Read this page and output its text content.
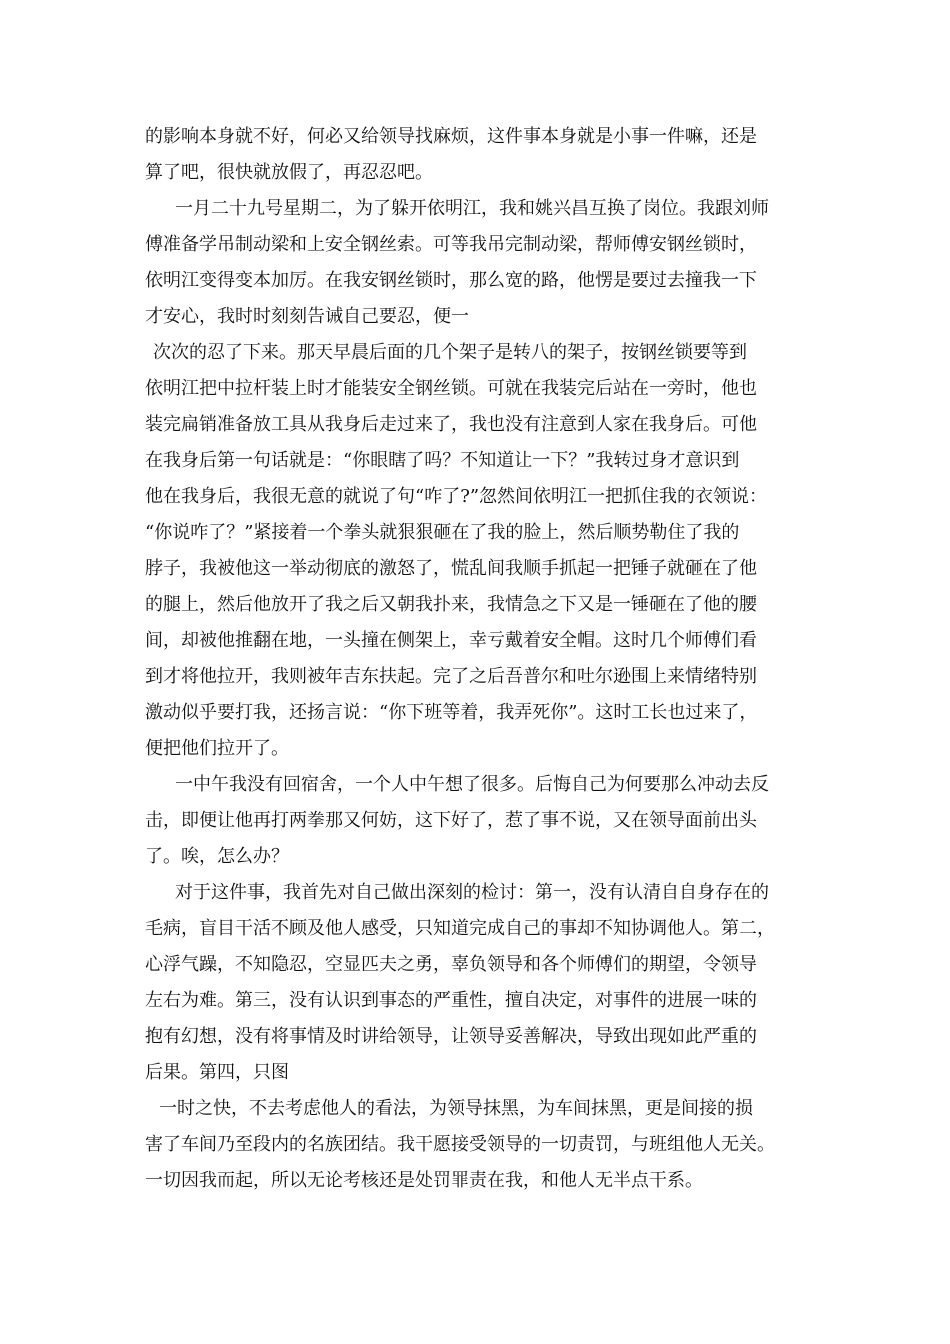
的影响本身就不好，何必又给领导找麻烦，这件事本身就是小事一件嘛，还是

算了吧，很快就放假了，再忍忍吧。

一月二十九号星期二，为了躲开依明江，我和姚兴昌互换了岗位。我跟刘师

傅准备学吊制动梁和上安全钢丝索。可等我吊完制动梁，帮师傅安钢丝锁时，

依明江变得变本加厉。在我安钢丝锁时，那么宽的路，他愣是要过去撞我一下

才安心，我时时刻刻告诫自己要忍，便一

次次的忍了下来。那天早晨后面的几个架子是转八的架子，按钢丝锁要等到

依明江把中拉杆装上时才能装安全钢丝锁。可就在我装完后站在一旁时，他也

装完扁销准备放工具从我身后走过来了，我也没有注意到人家在我身后。可他

在我身后第一句话就是：“你眼瞎了吗？不知道让一下？”我转过身才意识到

他在我身后，我很无意的就说了句“咋了?”忽然间依明江一把抓住我的衣领说：

“你说咋了？”紧接着一个拳头就狠狠砸在了我的脸上，然后顺势勒住了我的

脖子，我被他这一举动彻底的激怒了，慌乱间我顺手抓起一把锤子就砸在了他

的腿上，然后他放开了我之后又朝我扑来，我情急之下又是一锤砸在了他的腰

间，却被他推翻在地，一头撞在侧架上，幸亏戴着安全帽。这时几个师傅们看

到才将他拉开，我则被年吉东扶起。完了之后吾普尔和吐尔逊围上来情绪特别

激动似乎要打我，还扬言说：“你下班等着，我弄死你”。这时工长也过来了，

便把他们拉开了。

一中午我没有回宿舍，一个人中午想了很多。后悔自己为何要那么冲动去反

击，即便让他再打两拳那又何妨，这下好了，惹了事不说，又在领导面前出头

了。唉，怎么办？

对于这件事，我首先对自己做出深刻的检讨：第一，没有认清自自身存在的

毛病，盲目干活不顾及他人感受，只知道完成自己的事却不知协调他人。第二，

心浮气躁，不知隐忍，空显匹夫之勇，辜负领导和各个师傅们的期望，令领导

左右为难。第三，没有认识到事态的严重性，擅自决定，对事件的进展一味的

抱有幻想，没有将事情及时讲给领导，让领导妥善解决，导致出现如此严重的

后果。第四，只图

一时之快，不去考虑他人的看法，为领导抹黑，为车间抹黑，更是间接的损

害了车间乃至段内的名族团结。我干愿接受领导的一切责罚，与班组他人无关。

一切因我而起，所以无论考核还是处罚罪责在我，和他人无半点干系。
